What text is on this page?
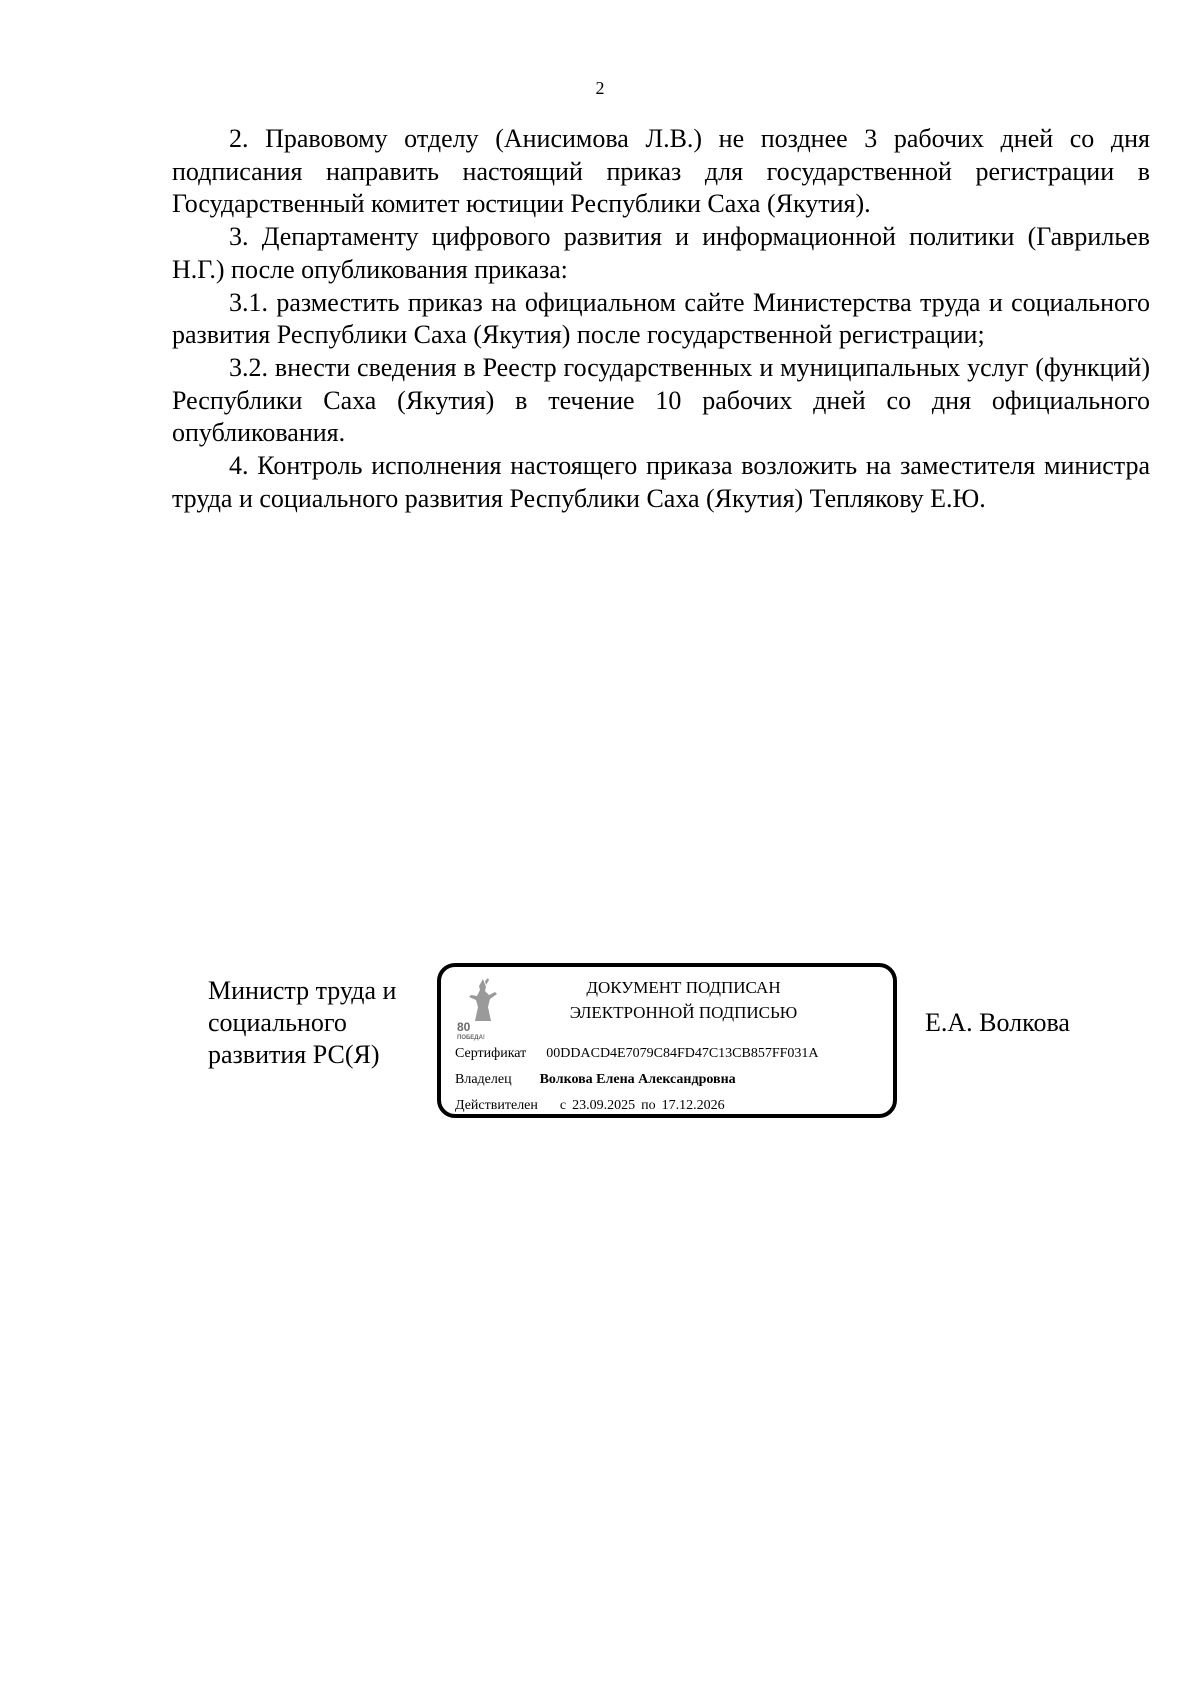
2

2. Правовому отделу (Анисимова Л.В.) не позднее 3 рабочих дней со дня подписания направить настоящий приказ для государственной регистрации в Государственный комитет юстиции Республики Саха (Якутия).

3. Департаменту цифрового развития и информационной политики (Гаврильев Н.Г.) после опубликования приказа:

3.1. разместить приказ на официальном сайте Министерства труда и социального развития Республики Саха (Якутия) после государственной регистрации;

3.2. внести сведения в Реестр государственных и муниципальных услуг (функций) Республики Саха (Якутия) в течение 10 рабочих дней со дня официального опубликования.

4. Контроль исполнения настоящего приказа возложить на заместителя министра труда и социального развития Республики Саха (Якутия) Теплякову Е.Ю.

Министр труда и
социального
развития РС(Я)
80
ПОБЕДА!
ДОКУМЕНТ ПОДПИСАН
ЭЛЕКТРОННОЙ ПОДПИСЬЮ
Сертификат 00DDACD4E7079C84FD47C13CB857FF031A
Владелец Волкова Елена Александровна
Действителен с 23.09.2025 по 17.12.2026
Е.А. Волкова
